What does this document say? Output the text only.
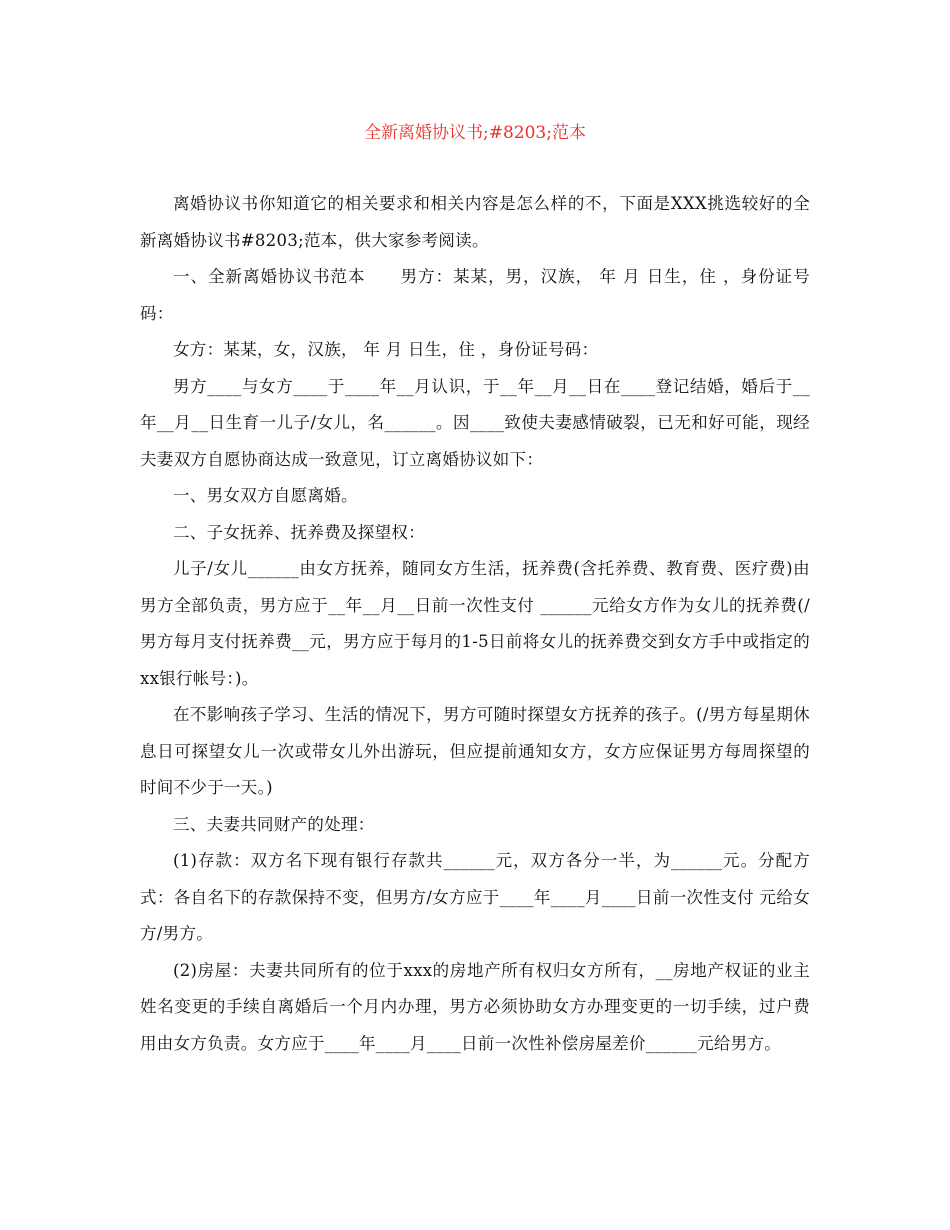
全新离婚协议书;#8203;范本

离婚协议书你知道它的相关要求和相关内容是怎么样的不，下面是XXX挑选较好的全新离婚协议书#8203;范本，供大家参考阅读。

一、全新离婚协议书范本　　男方：某某，男，汉族， 年 月 日生，住 ，身份证号码：

女方：某某，女，汉族， 年 月 日生，住 ，身份证号码：

男方____与女方____于____年__月认识，于__年__月__日在____登记结婚，婚后于__年__月__日生育一儿子/女儿，名______。因____致使夫妻感情破裂，已无和好可能，现经夫妻双方自愿协商达成一致意见，订立离婚协议如下：

一、男女双方自愿离婚。

二、子女抚养、抚养费及探望权：

儿子/女儿______由女方抚养，随同女方生活，抚养费(含托养费、教育费、医疗费)由男方全部负责，男方应于__年__月__日前一次性支付 ______元给女方作为女儿的抚养费(/男方每月支付抚养费__元，男方应于每月的1-5日前将女儿的抚养费交到女方手中或指定的xx银行帐号：)。

在不影响孩子学习、生活的情况下，男方可随时探望女方抚养的孩子。(/男方每星期休息日可探望女儿一次或带女儿外出游玩，但应提前通知女方，女方应保证男方每周探望的时间不少于一天。)

三、夫妻共同财产的处理：

(1)存款：双方名下现有银行存款共______元，双方各分一半，为______元。分配方式：各自名下的存款保持不变，但男方/女方应于____年____月____日前一次性支付 元给女方/男方。

(2)房屋：夫妻共同所有的位于xxx的房地产所有权归女方所有，__房地产权证的业主姓名变更的手续自离婚后一个月内办理，男方必须协助女方办理变更的一切手续，过户费用由女方负责。女方应于____年____月____日前一次性补偿房屋差价______元给男方。
